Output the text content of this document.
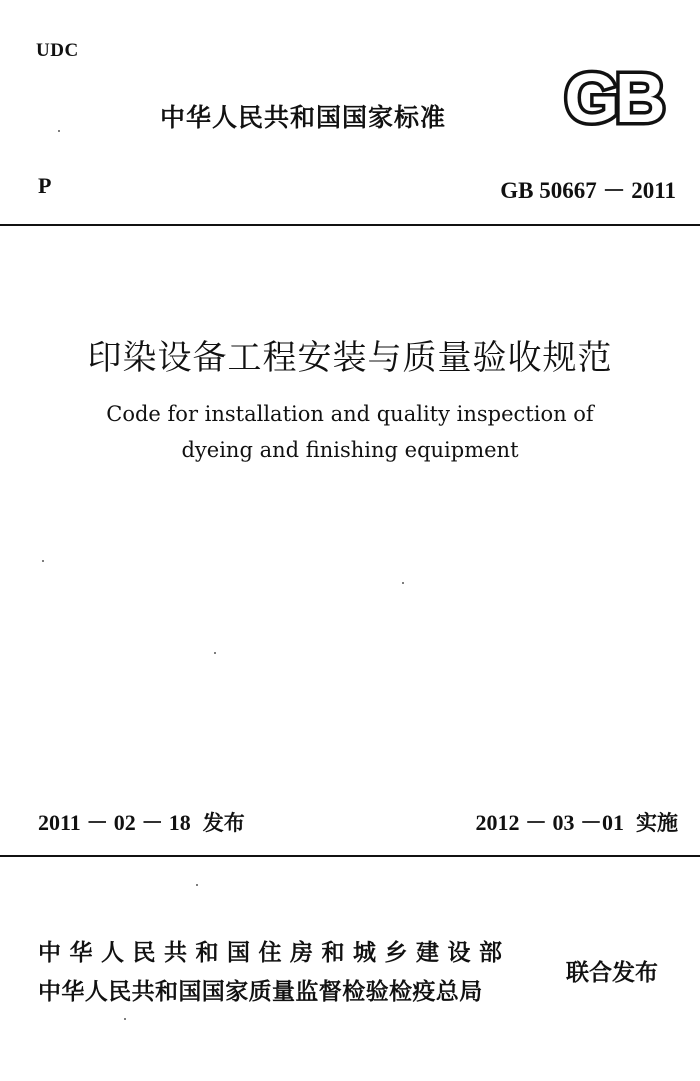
UDC
中华人民共和国国家标准 GB
P	GB 50667 － 2011
印染设备工程安装与质量验收规范
Code for installation and quality inspection of
dyeing and finishing equipment
2011 － 02 － 18 发布	2012 － 03 －01 实施
中华人民共和国住房和城乡建设部
中华人民共和国国家质量监督检验检疫总局
联合发布
